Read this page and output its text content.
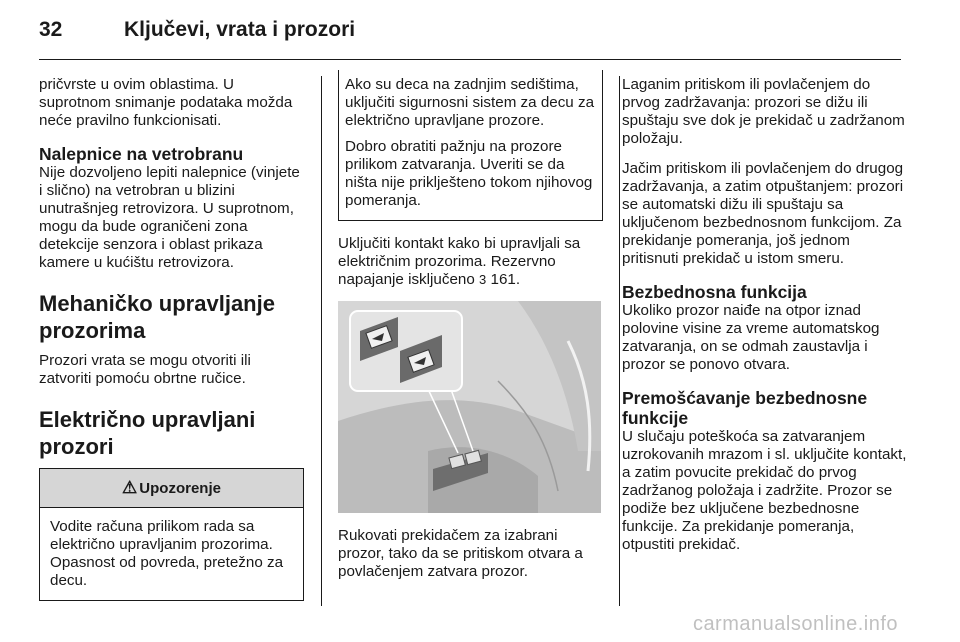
32	Ključevi, vrata i prozori

pričvrste u ovim oblastima. U suprotnom snimanje podataka možda neće pravilno funkcionisati.

Nalepnice na vetrobranu

Nije dozvoljeno lepiti nalepnice (vinjete i slično) na vetrobran u blizini unutrašnjeg retrovizora. U suprotnom, mogu da bude ograničeni zona detekcije senzora i oblast prikaza kamere u kućištu retrovizora.

Mehaničko upravljanje prozorima

Prozori vrata se mogu otvoriti ili zatvoriti pomoću obrtne ručice.

Električno upravljani prozori
⚠ Upozorenje

Vodite računa prilikom rada sa električno upravljanim prozorima. Opasnost od povreda, pretežno za decu.

Ako su deca na zadnjim sedištima, uključiti sigurnosni sistem za decu za električno upravljane prozore.

Dobro obratiti pažnju na prozore prilikom zatvaranja. Uveriti se da ništa nije priklješteno tokom njihovog pomeranja.

Uključiti kontakt kako bi upravljali sa električnim prozorima. Rezervno napajanje isključeno 3 161.

Rukovati prekidačem za izabrani prozor, tako da se pritiskom otvara a povlačenjem zatvara prozor.

Laganim pritiskom ili povlačenjem do prvog zadržavanja: prozori se dižu ili spuštaju sve dok je prekidač u zadržanom položaju.

Jačim pritiskom ili povlačenjem do drugog zadržavanja, a zatim otpuštanjem: prozori se automatski dižu ili spuštaju sa uključenom bezbednosnom funkcijom. Za prekidanje pomeranja, još jednom pritisnuti prekidač u istom smeru.

Bezbednosna funkcija

Ukoliko prozor naiđe na otpor iznad polovine visine za vreme automatskog zatvaranja, on se odmah zaustavlja i prozor se ponovo otvara.

Premošćavanje bezbednosne funkcije

U slučaju poteškoća sa zatvaranjem uzrokovanih mrazom i sl. uključite kontakt, a zatim povucite prekidač do prvog zadržanog položaja i zadržite. Prozor se podiže bez uključene bezbednosne funkcije. Za prekidanje pomeranja, otpustiti prekidač.

carmanualsonline.info
